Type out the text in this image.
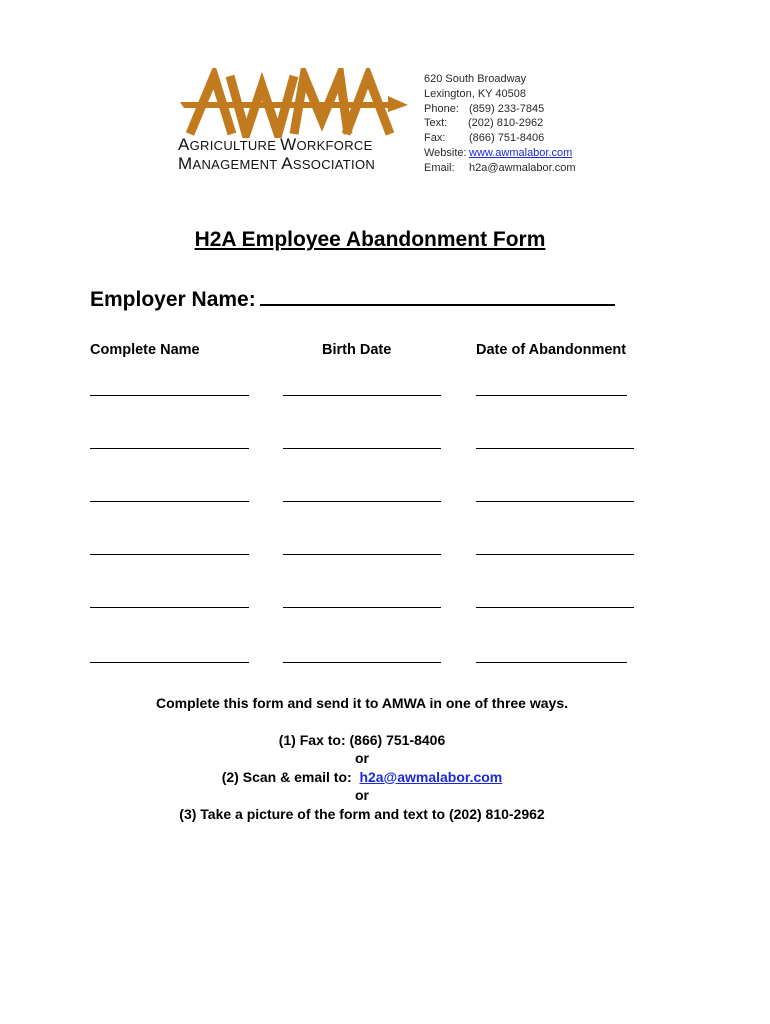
AGRICULTURE WORKFORCE
MANAGEMENT ASSOCIATION
620 South Broadway
Lexington, KY 40508
Phone: (859) 233-7845
Text: (202) 810-2962
Fax: (866) 751-8406
Website: www.awmalabor.com
Email: h2a@awmalabor.com
H2A Employee Abandonment Form
Employer Name:
Complete Name	Birth Date	Date of Abandonment
Complete this form and send it to AMWA in one of three ways.
(1) Fax to: (866) 751-8406
or
(2) Scan & email to: h2a@awmalabor.com
or
(3) Take a picture of the form and text to (202) 810-2962
